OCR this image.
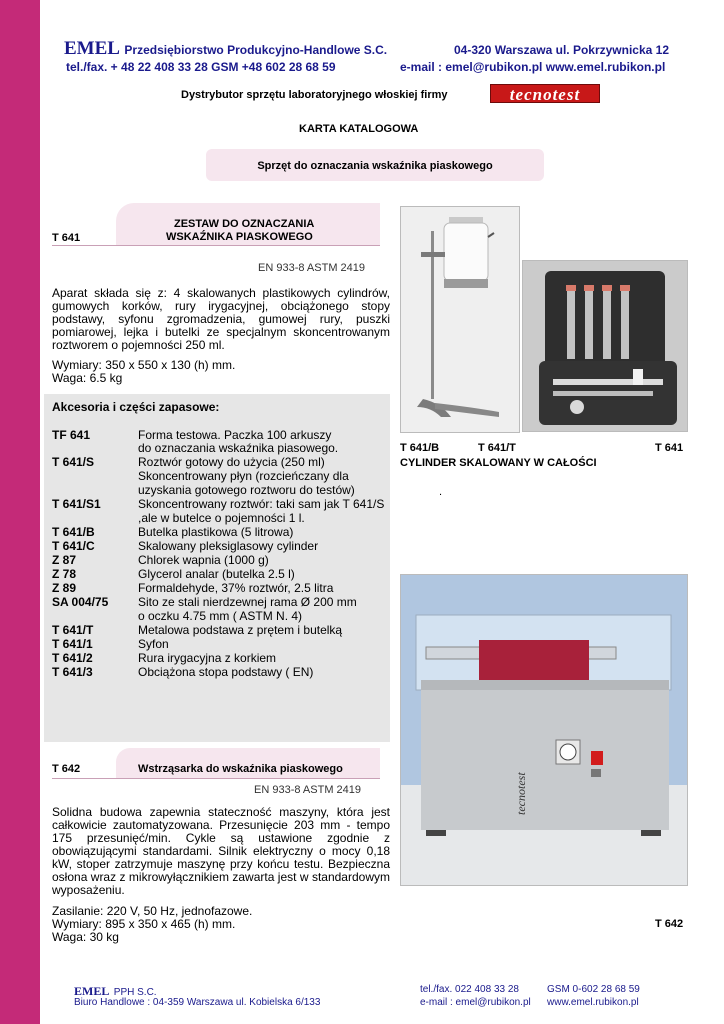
EMEL Przedsiębiorstwo Produkcyjno-Handlowe S.C.	04-320 Warszawa ul. Pokrzywnicka 12
tel./fax. + 48 22 408 33 28 GSM +48 602 28 68 59	e-mail : emel@rubikon.pl www.emel.rubikon.pl
Dystrybutor sprzętu laboratoryjnego włoskiej firmy	tecnotest
KARTA KATALOGOWA
Sprzęt do oznaczania wskaźnika piaskowego
ZESTAW DO OZNACZANIA
WSKAŹNIKA PIASKOWEGO
T 641
EN 933-8 ASTM 2419
Aparat składa się z: 4 skalowanych plastikowych cylindrów, gumowych korków, rury irygacyjnej, obciążonego stopy podstawy, syfonu zgromadzenia, gumowej rury, puszki pomiarowej, lejka i butelki ze specjalnym skoncentrowanym roztworem o pojemności 250 ml.
Wymiary: 350 x 550 x 130 (h) mm.
Waga: 6.5 kg
Akcesoria i części zapasowe:
TF 641	Forma testowa. Paczka 100 arkuszy
do oznaczania wskaźnika piasowego.
T 641/S	Roztwór gotowy do użycia (250 ml)
Skoncentrowany płyn (rozcieńczany dla
uzyskania gotowego roztworu do testów)
T 641/S1	Skoncentrowany roztwór: taki sam jak T 641/S
,ale w butelce o pojemności 1 l.
T 641/B	Butelka plastikowa (5 litrowa)
T 641/C	Skalowany pleksiglasowy cylinder
Z 87	Chlorek wapnia (1000 g)
Z 78	Glycerol analar (butelka 2.5 l)
Z 89	Formaldehyde, 37% roztwór, 2.5 litra
SA 004/75 Sito ze stali nierdzewnej rama Ø 200 mm
o oczku 4.75 mm ( ASTM N. 4)
T 641/T	Metalowa podstawa z prętem i butelką
T 641/1	Syfon
T 641/2	Rura irygacyjna z korkiem
T 641/3	Obciążona stopa podstawy ( EN)
T 641/B	T 641/T	T 641
CYLINDER SKALOWANY W CAŁOŚCI
.
tecnotest
Wstrząsarka do wskaźnika piaskowego
T 642
EN 933-8 ASTM 2419
Solidna budowa zapewnia stateczność maszyny, która jest całkowicie zautomatyzowana. Przesunięcie 203 mm - tempo 175 przesunięć/min. Cykle są ustawione zgodnie z obowiązującymi standardami. Silnik elektryczny o mocy 0,18 kW, stoper zatrzymuje maszynę przy końcu testu. Bezpieczna osłona wraz z mikrowyłącznikiem zawarta jest w standardowym wyposażeniu.
Zasilanie: 220 V, 50 Hz, jednofazowe.
Wymiary: 895 x 350 x 465 (h) mm.
Waga: 30 kg
T 642
EMEL PPH S.C.
Biuro Handlowe : 04-359 Warszawa ul. Kobielska 6/133
tel./fax. 022 408 33 28	GSM 0-602 28 68 59
e-mail : emel@rubikon.pl www.emel.rubikon.pl
